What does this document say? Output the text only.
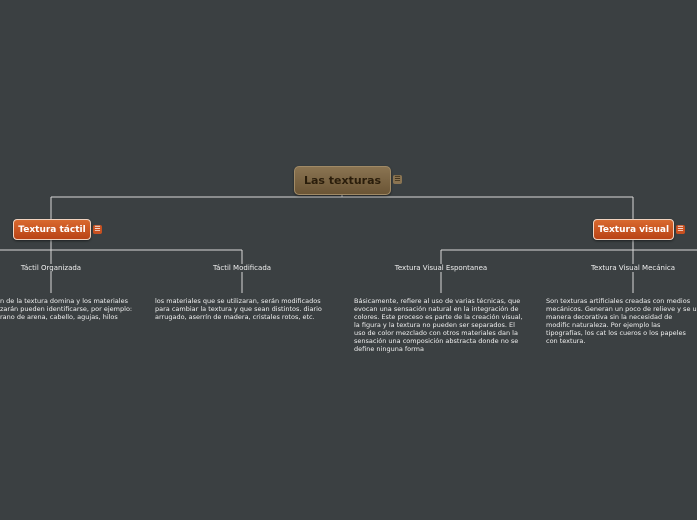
Las texturas ☰
Textura táctil ☰	Textura visual ☰
Táctil Organizada	Táctil Modificada	Textura Visual Espontanea	Textura Visual Mecánica
n de la textura domina y los materiales zarán pueden identificarse, por ejemplo: rano de arena, cabello, agujas, hilos
los materiales que se utilizaran, serán modificados para cambiar la textura y que sean distintos. diario arrugado, aserrín de madera, cristales rotos, etc.
Básicamente, refiere al uso de varias técnicas, que evocan una sensación natural en la integración de colores. Este proceso es parte de la creación visual, la figura y la textura no pueden ser separados. El uso de color mezclado con otros materiales dan la sensación una composición abstracta donde no se define ninguna forma
Son texturas artificiales creadas con medios mecánicos. Generan un poco de relieve y se u manera decorativa sin la necesidad de modific naturaleza. Por ejemplo las tipografías, los cat los cueros o los papeles con textura.
